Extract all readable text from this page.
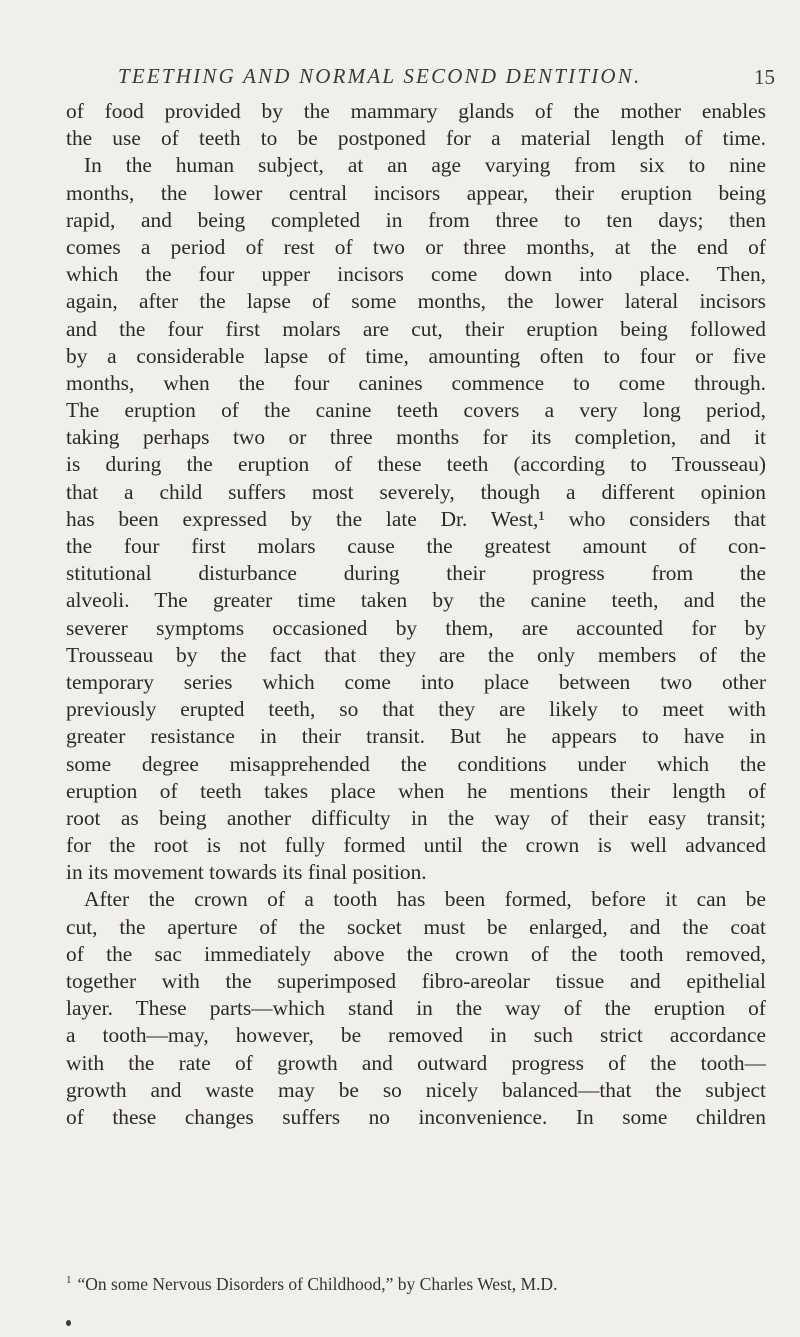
TEETHING AND NORMAL SECOND DENTITION.	15
of food provided by the mammary glands of the mother enables
the use of teeth to be postponed for a material length of time.
In the human subject, at an age varying from six to nine
months, the lower central incisors appear, their eruption being
rapid, and being completed in from three to ten days; then
comes a period of rest of two or three months, at the end of
which the four upper incisors come down into place. Then,
again, after the lapse of some months, the lower lateral incisors
and the four first molars are cut, their eruption being followed
by a considerable lapse of time, amounting often to four or five
months, when the four canines commence to come through.
The eruption of the canine teeth covers a very long period,
taking perhaps two or three months for its completion, and it
is during the eruption of these teeth (according to Trousseau)
that a child suffers most severely, though a different opinion
has been expressed by the late Dr. West,¹ who considers that
the four first molars cause the greatest amount of con-
stitutional disturbance during their progress from the
alveoli. The greater time taken by the canine teeth, and the
severer symptoms occasioned by them, are accounted for by
Trousseau by the fact that they are the only members of the
temporary series which come into place between two other
previously erupted teeth, so that they are likely to meet with
greater resistance in their transit. But he appears to have in
some degree misapprehended the conditions under which the
eruption of teeth takes place when he mentions their length of
root as being another difficulty in the way of their easy transit;
for the root is not fully formed until the crown is well advanced
in its movement towards its final position.
After the crown of a tooth has been formed, before it can be
cut, the aperture of the socket must be enlarged, and the coat
of the sac immediately above the crown of the tooth removed,
together with the superimposed fibro-areolar tissue and epithelial
layer. These parts—which stand in the way of the eruption of
a tooth—may, however, be removed in such strict accordance
with the rate of growth and outward progress of the tooth—
growth and waste may be so nicely balanced—that the subject
of these changes suffers no inconvenience. In some children
$^1$ “On some Nervous Disorders of Childhood,” by Charles West, M.D.
